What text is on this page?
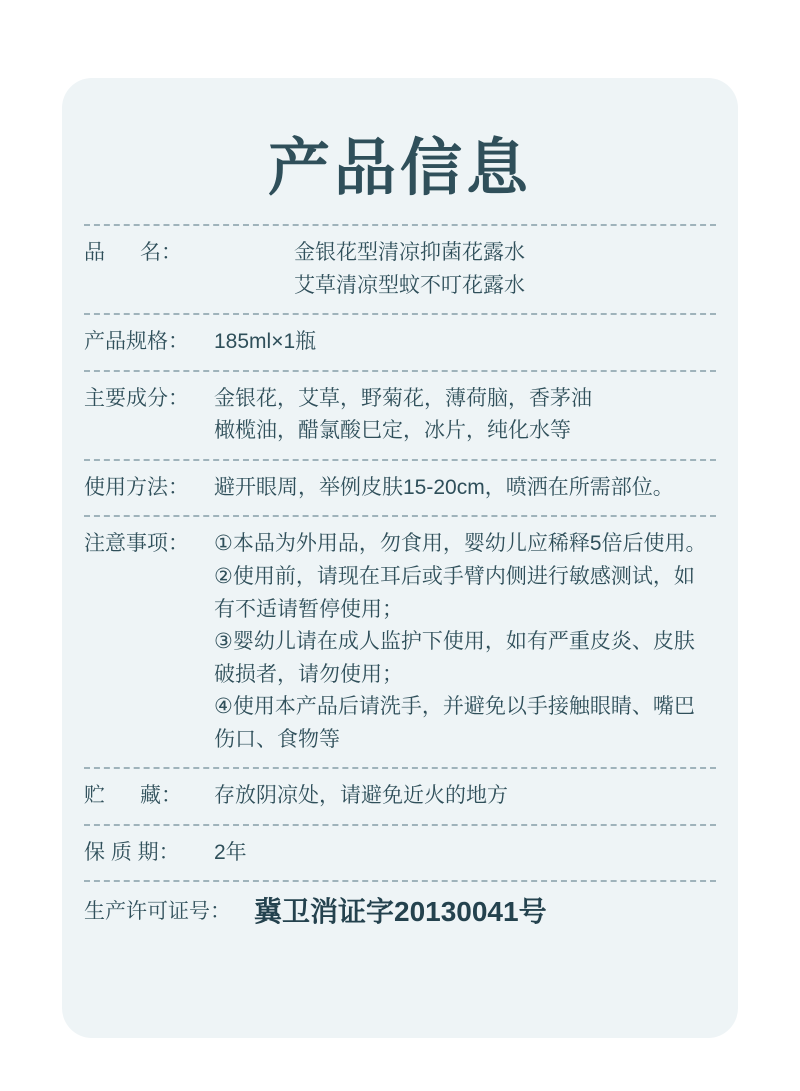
产品信息
品      名：	金银花型清凉抑菌花露水
艾草清凉型蚊不叮花露水
产品规格：	185ml×1瓶
主要成分：	金银花，艾草，野菊花，薄荷脑，香茅油
橄榄油，醋氯酸巳定，冰片，纯化水等
使用方法：	避开眼周，举例皮肤15-20cm，喷洒在所需部位。
注意事项：	①本品为外用品，勿食用，婴幼儿应稀释5倍后使用。
②使用前，请现在耳后或手臂内侧进行敏感测试，如
有不适请暂停使用；
③婴幼儿请在成人监护下使用，如有严重皮炎、皮肤
破损者，请勿使用；
④使用本产品后请洗手，并避免以手接触眼睛、嘴巴
伤口、食物等
贮      藏：	存放阴凉处，请避免近火的地方
保 质 期：	2年
生产许可证号： 冀卫消证字20130041号
